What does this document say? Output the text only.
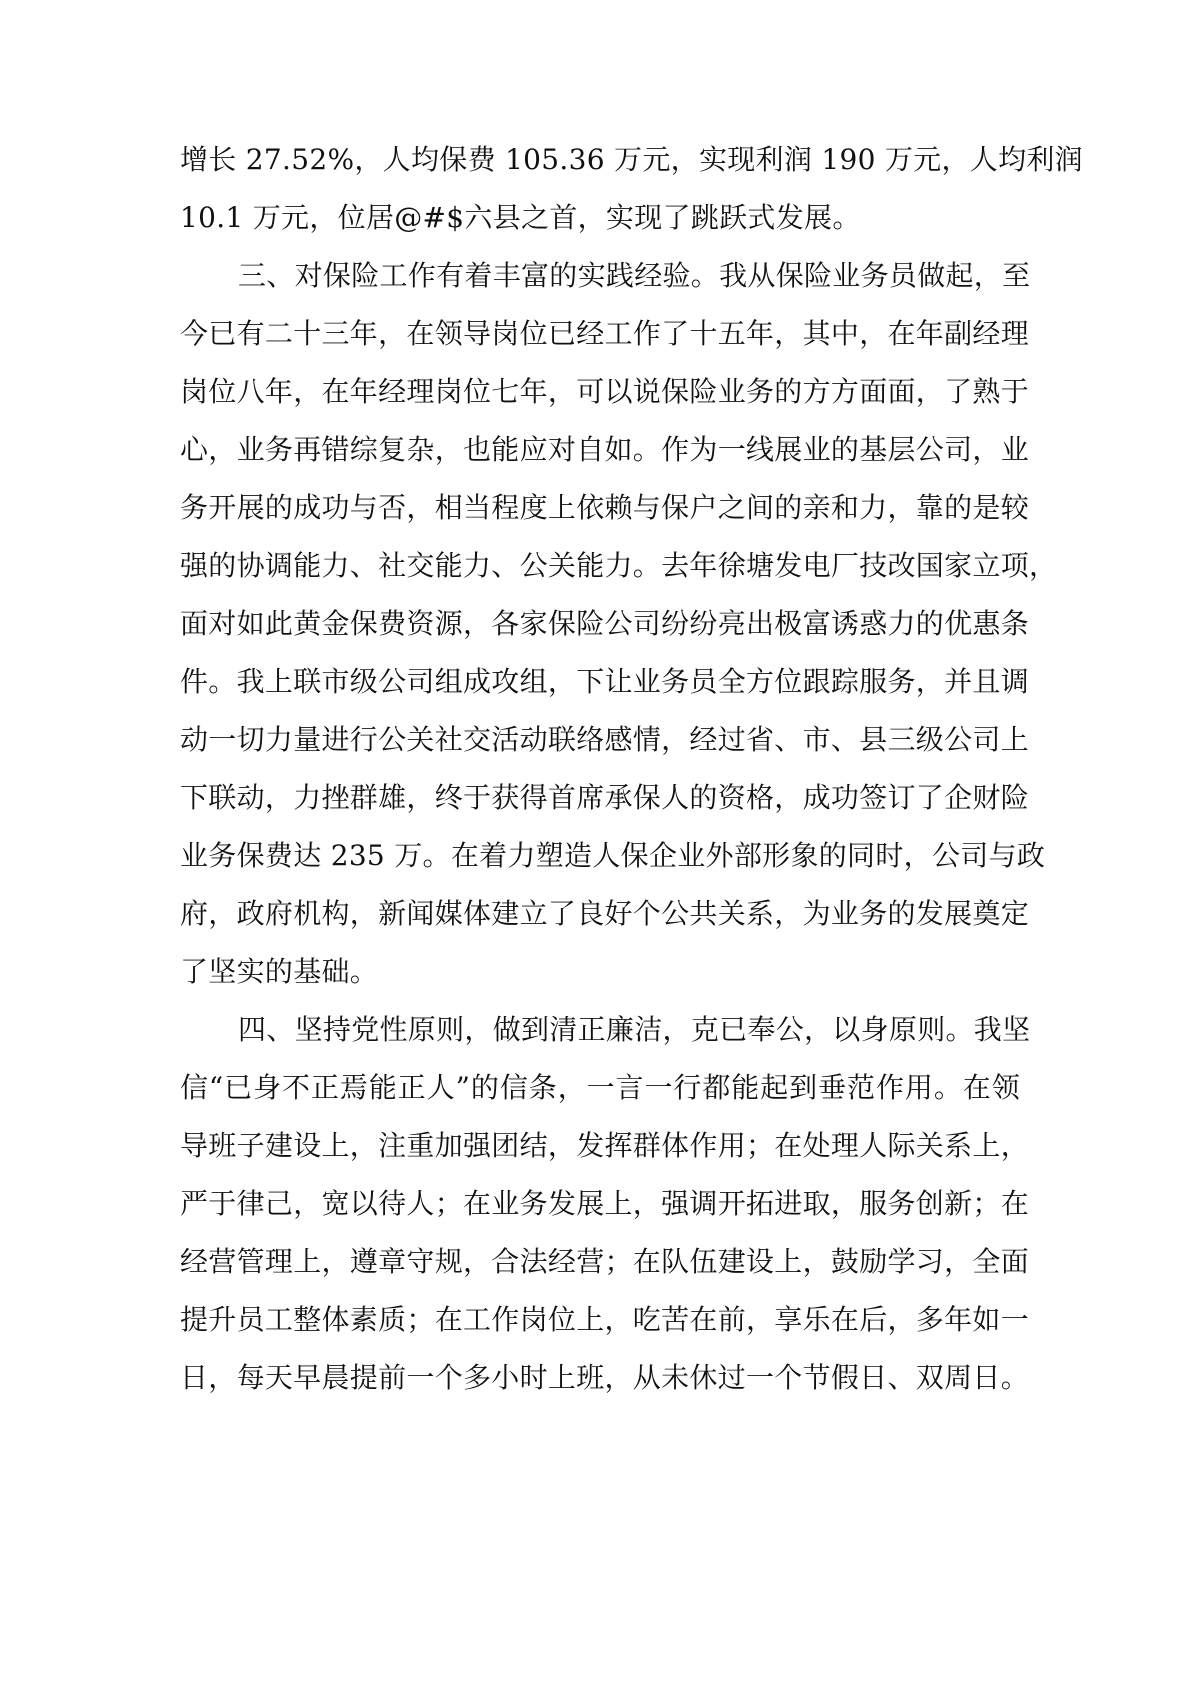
增长 27.52%，人均保费 105.36 万元，实现利润 190 万元，人均利润
10.1 万元，位居@#$六县之首，实现了跳跃式发展。
三、对保险工作有着丰富的实践经验。我从保险业务员做起，至
今已有二十三年，在领导岗位已经工作了十五年，其中，在年副经理
岗位八年，在年经理岗位七年，可以说保险业务的方方面面，了熟于
心，业务再错综复杂，也能应对自如。作为一线展业的基层公司，业
务开展的成功与否，相当程度上依赖与保户之间的亲和力，靠的是较
强的协调能力、社交能力、公关能力。去年徐塘发电厂技改国家立项，
面对如此黄金保费资源，各家保险公司纷纷亮出极富诱惑力的优惠条
件。我上联市级公司组成攻组，下让业务员全方位跟踪服务，并且调
动一切力量进行公关社交活动联络感情，经过省、市、县三级公司上
下联动，力挫群雄，终于获得首席承保人的资格，成功签订了企财险
业务保费达 235 万。在着力塑造人保企业外部形象的同时，公司与政
府，政府机构，新闻媒体建立了良好个公共关系，为业务的发展奠定
了坚实的基础。
四、坚持党性原则，做到清正廉洁，克已奉公，以身原则。我坚
信“已身不正焉能正人”的信条，一言一行都能起到垂范作用。在领
导班子建设上，注重加强团结，发挥群体作用；在处理人际关系上，
严于律己，宽以待人；在业务发展上，强调开拓进取，服务创新；在
经营管理上，遵章守规，合法经营；在队伍建设上，鼓励学习，全面
提升员工整体素质；在工作岗位上，吃苦在前，享乐在后，多年如一
日，每天早晨提前一个多小时上班，从未休过一个节假日、双周日。
